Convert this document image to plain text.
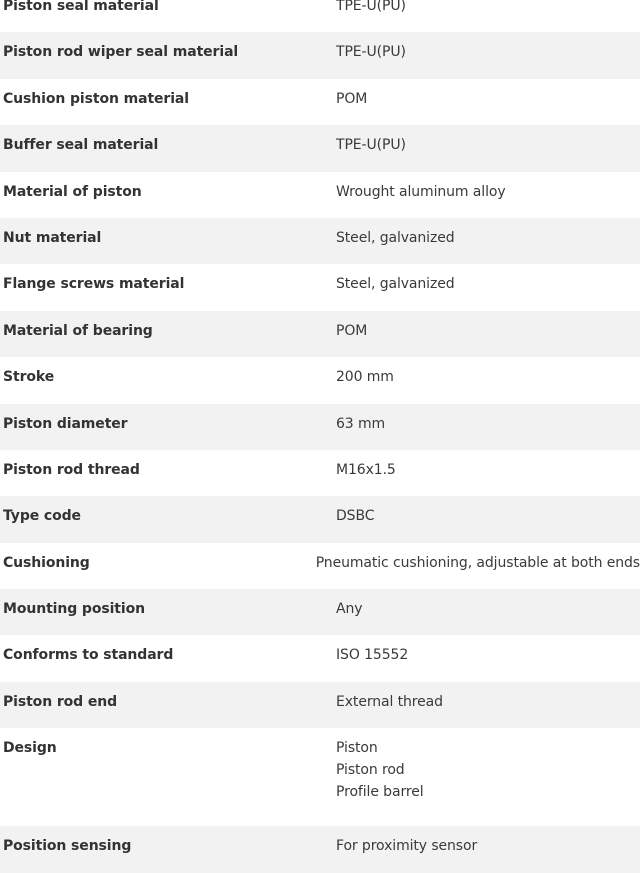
Piston seal material	TPE-U(PU)
Piston rod wiper seal material	TPE-U(PU)
Cushion piston material	POM
Buffer seal material	TPE-U(PU)
Material of piston	Wrought aluminum alloy
Nut material	Steel, galvanized
Flange screws material	Steel, galvanized
Material of bearing	POM
Stroke	200 mm
Piston diameter	63 mm
Piston rod thread	M16x1.5
Type code	DSBC
Cushioning	Pneumatic cushioning, adjustable at both ends
Mounting position	Any
Conforms to standard	ISO 15552
Piston rod end	External thread
Design	Piston
Piston rod
Profile barrel
Position sensing	For proximity sensor
